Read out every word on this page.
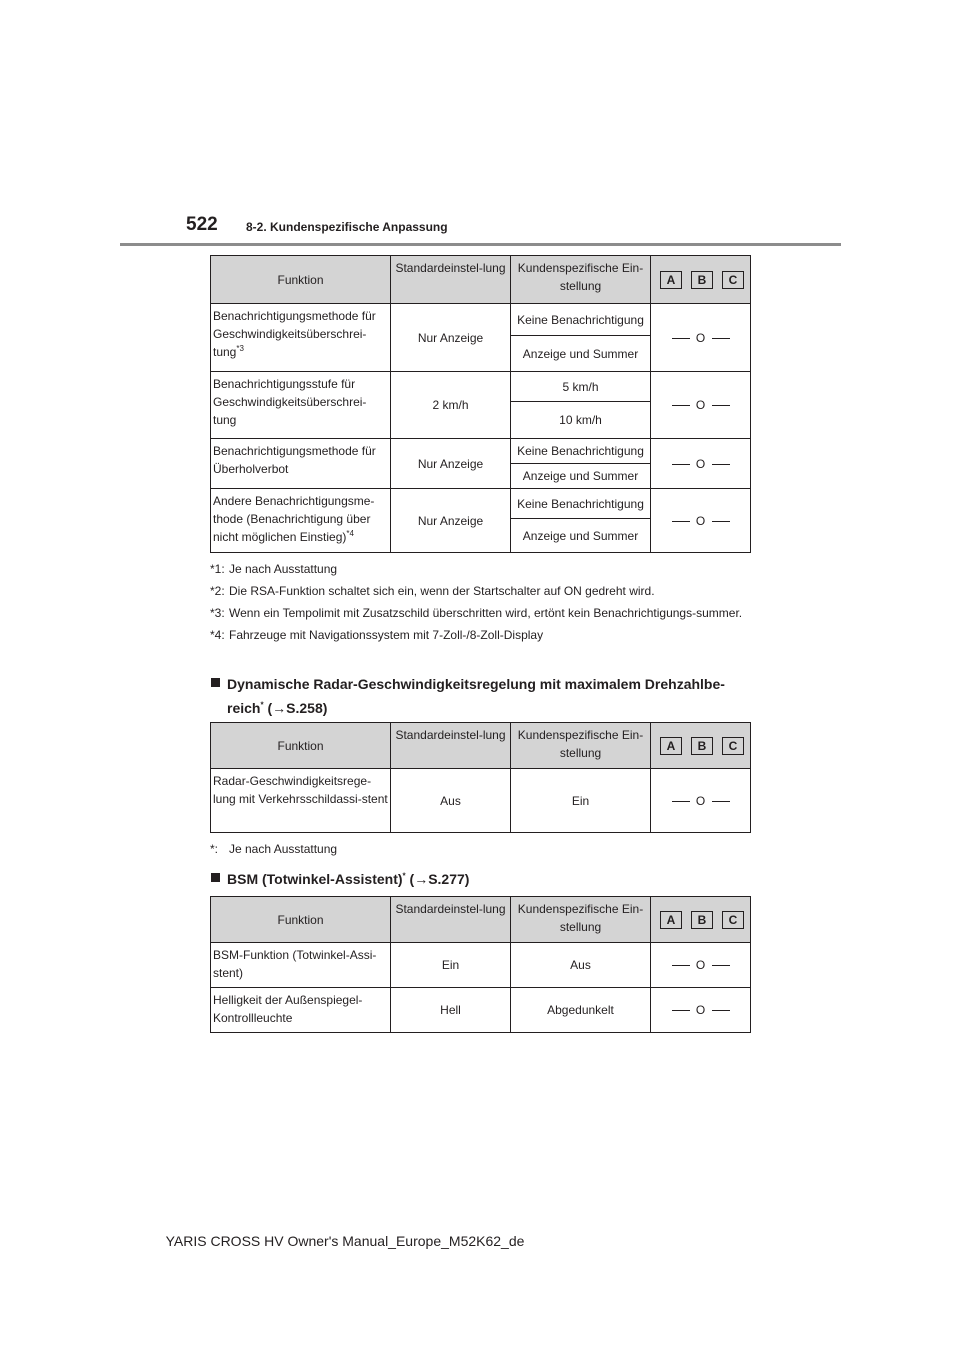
522 8-2. Kundenspezifische Anpassung
Funktion	Standardeinstel-lung	Kundenspezifische Ein-stellung	A B C

Benachrichtigungsmethode für Geschwindigkeitsüberschrei-tung$^{*3}$	Nur Anzeige	Keine Benachrichtigung	O
		Anzeige und Summer	
Benachrichtigungsstufe für Geschwindigkeitsüberschrei-tung	2 km/h	5 km/h	O
		10 km/h	
Benachrichtigungsmethode für Überholverbot	Nur Anzeige	Keine Benachrichtigung	O
		Anzeige und Summer	
Andere Benachrichtigungsme-thode (Benachrichtigung über nicht möglichen Einstieg)$^{*4}$	Nur Anzeige	Keine Benachrichtigung	O
		Anzeige und Summer	
*1: Je nach Ausstattung
*2: Die RSA-Funktion schaltet sich ein, wenn der Startschalter auf ON gedreht wird.
*3: Wenn ein Tempolimit mit Zusatzschild überschritten wird, ertönt kein Benachrichtigungs-summer.
*4: Fahrzeuge mit Navigationssystem mit 7-Zoll-/8-Zoll-Display
Dynamische Radar-Geschwindigkeitsregelung mit maximalem Drehzahlbe-
reich* (→S.258)
Funktion	Standardeinstel-lung	Kundenspezifische Ein-stellung	A B C

Radar-Geschwindigkeitsrege-lung mit Verkehrsschildassi-stent	Aus	Ein	O
*: Je nach Ausstattung
BSM (Totwinkel-Assistent)* (→S.277)
Funktion	Standardeinstel-lung	Kundenspezifische Ein-stellung	A B C

BSM-Funktion (Totwinkel-Assi-stent)	Ein	Aus	O
Helligkeit der Außenspiegel-Kontrollleuchte	Hell	Abgedunkelt	O
YARIS CROSS HV Owner's Manual_Europe_M52K62_de
